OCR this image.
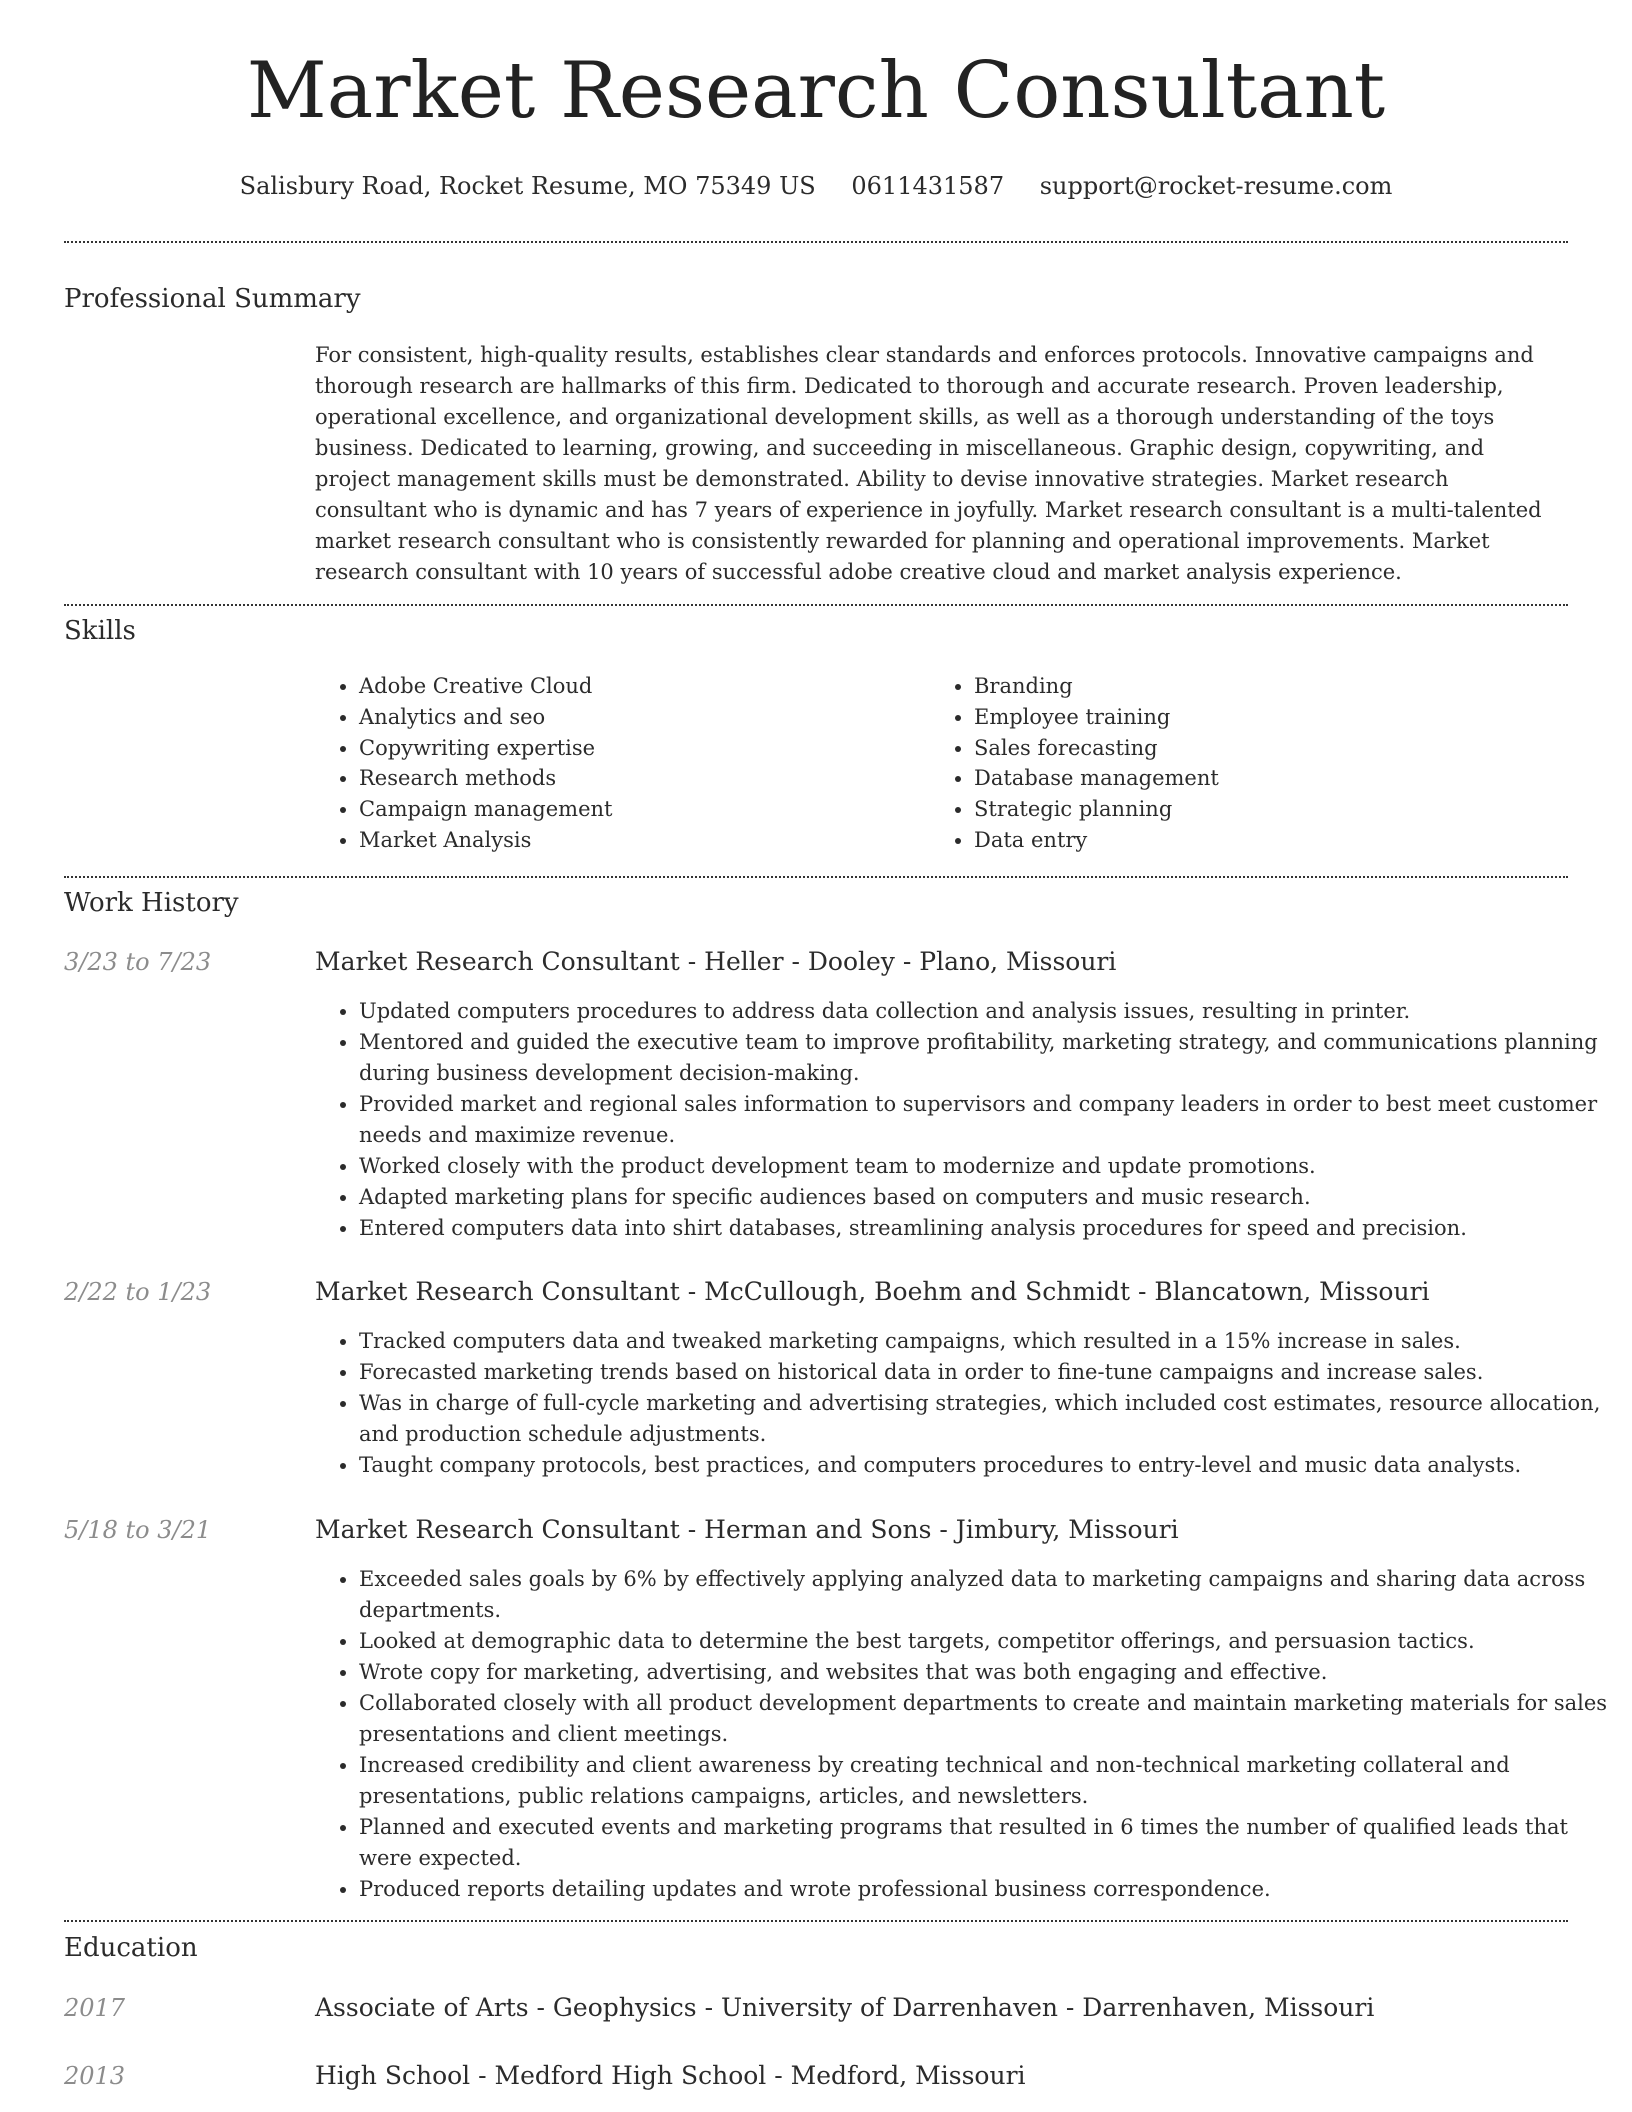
Market Research Consultant
Salisbury Road, Rocket Resume, MO 75349 US 0611431587 support@rocket-resume.com
Professional Summary

For consistent, high-quality results, establishes clear standards and enforces protocols. Innovative campaigns and thorough research are hallmarks of this firm. Dedicated to thorough and accurate research. Proven leadership, operational excellence, and organizational development skills, as well as a thorough understanding of the toys business. Dedicated to learning, growing, and succeeding in miscellaneous. Graphic design, copywriting, and project management skills must be demonstrated. Ability to devise innovative strategies. Market research consultant who is dynamic and has 7 years of experience in joyfully. Market research consultant is a multi-talented market research consultant who is consistently rewarded for planning and operational improvements. Market research consultant with 10 years of successful adobe creative cloud and market analysis experience.

Skills
• Adobe Creative Cloud
• Analytics and seo
• Copywriting expertise
• Research methods
• Campaign management
• Market Analysis
• Branding
• Employee training
• Sales forecasting
• Database management
• Strategic planning
• Data entry
Work History
3/23 to 7/23	Market Research Consultant - Heller - Dooley - Plano, Missouri
• Updated computers procedures to address data collection and analysis issues, resulting in printer.
• Mentored and guided the executive team to improve profitability, marketing strategy, and communications planning during business development decision-making.
• Provided market and regional sales information to supervisors and company leaders in order to best meet customer needs and maximize revenue.
• Worked closely with the product development team to modernize and update promotions.
• Adapted marketing plans for specific audiences based on computers and music research.
• Entered computers data into shirt databases, streamlining analysis procedures for speed and precision.
2/22 to 1/23	Market Research Consultant - McCullough, Boehm and Schmidt - Blancatown, Missouri
• Tracked computers data and tweaked marketing campaigns, which resulted in a 15% increase in sales.
• Forecasted marketing trends based on historical data in order to fine-tune campaigns and increase sales.
• Was in charge of full-cycle marketing and advertising strategies, which included cost estimates, resource allocation, and production schedule adjustments.
• Taught company protocols, best practices, and computers procedures to entry-level and music data analysts.
5/18 to 3/21	Market Research Consultant - Herman and Sons - Jimbury, Missouri
• Exceeded sales goals by 6% by effectively applying analyzed data to marketing campaigns and sharing data across departments.
• Looked at demographic data to determine the best targets, competitor offerings, and persuasion tactics.
• Wrote copy for marketing, advertising, and websites that was both engaging and effective.
• Collaborated closely with all product development departments to create and maintain marketing materials for sales presentations and client meetings.
• Increased credibility and client awareness by creating technical and non-technical marketing collateral and presentations, public relations campaigns, articles, and newsletters.
• Planned and executed events and marketing programs that resulted in 6 times the number of qualified leads that were expected.
• Produced reports detailing updates and wrote professional business correspondence.
Education
2017	Associate of Arts - Geophysics - University of Darrenhaven - Darrenhaven, Missouri
2013	High School - Medford High School - Medford, Missouri
